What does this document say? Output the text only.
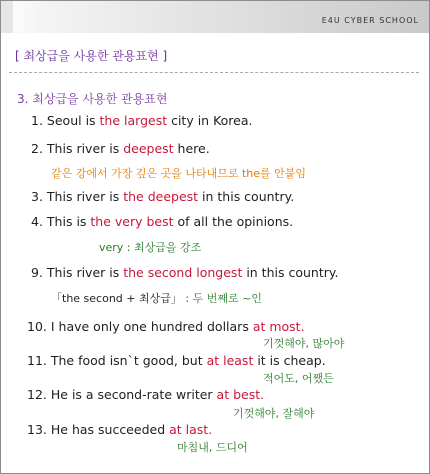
E4U CYBER SCHOOL
[ 최상급을 사용한 관용표현 ]
3. 최상급을 사용한 관용표현
1. Seoul is the largest city in Korea.
2. This river is deepest here.
같은 강에서 가장 깊은 곳을 나타내므로 the를 안붙임
3. This river is the deepest in this country.
4. This is the very best of all the opinions.
very : 최상급을 강조
9. This river is the second longest in this country.
「the second + 최상급」 : 두 번째로 ~인
10. I have only one hundred dollars at most.
기껏해야, 많아야
11. The food isn`t good, but at least it is cheap.
적어도, 어쨌든
12. He is a second-rate writer at best.
기껏해야, 잘해야
13. He has succeeded at last.
마침내, 드디어
